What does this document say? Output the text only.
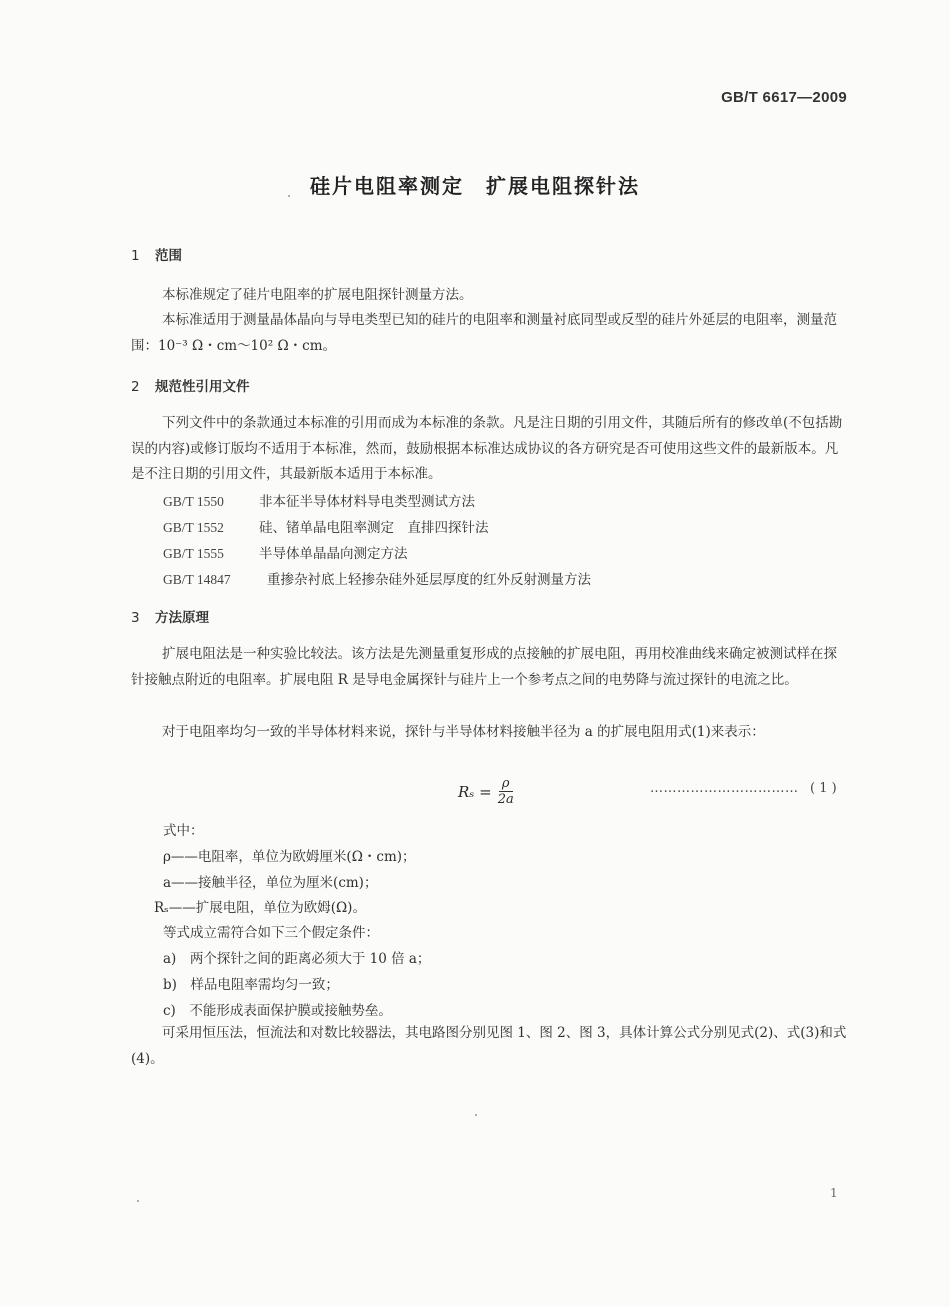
GB/T 6617—2009
硅片电阻率测定 扩展电阻探针法
1 范围
本标准规定了硅片电阻率的扩展电阻探针测量方法。
本标准适用于测量晶体晶向与导电类型已知的硅片的电阻率和测量衬底同型或反型的硅片外延层的电阻率，测量范围：10⁻³ Ω・cm～10² Ω・cm。
2 规范性引用文件
下列文件中的条款通过本标准的引用而成为本标准的条款。凡是注日期的引用文件，其随后所有的修改单(不包括勘误的内容)或修订版均不适用于本标准，然而，鼓励根据本标准达成协议的各方研究是否可使用这些文件的最新版本。凡是不注日期的引用文件，其最新版本适用于本标准。
GB/T 1550	非本征半导体材料导电类型测试方法
GB/T 1552	硅、锗单晶电阻率测定　直排四探针法
GB/T 1555	半导体单晶晶向测定方法
GB/T 14847	重掺杂衬底上轻掺杂硅外延层厚度的红外反射测量方法
3 方法原理
扩展电阻法是一种实验比较法。该方法是先测量重复形成的点接触的扩展电阻，再用校准曲线来确定被测试样在探针接触点附近的电阻率。扩展电阻 R 是导电金属探针与硅片上一个参考点之间的电势降与流过探针的电流之比。
对于电阻率均匀一致的半导体材料来说，探针与半导体材料接触半径为 a 的扩展电阻用式(1)来表示：
$R_s = \frac{\rho}{2a}$	…………………………… ( 1 )
式中：
ρ——电阻率，单位为欧姆厘米(Ω・cm)；
a——接触半径，单位为厘米(cm)；
Rₛ——扩展电阻，单位为欧姆(Ω)。
等式成立需符合如下三个假定条件：
a)　两个探针之间的距离必须大于 10 倍 a；
b)　样品电阻率需均匀一致；
c)　不能形成表面保护膜或接触势垒。
可采用恒压法，恒流法和对数比较器法，其电路图分别见图 1、图 2、图 3，具体计算公式分别见式(2)、式(3)和式(4)。
1
